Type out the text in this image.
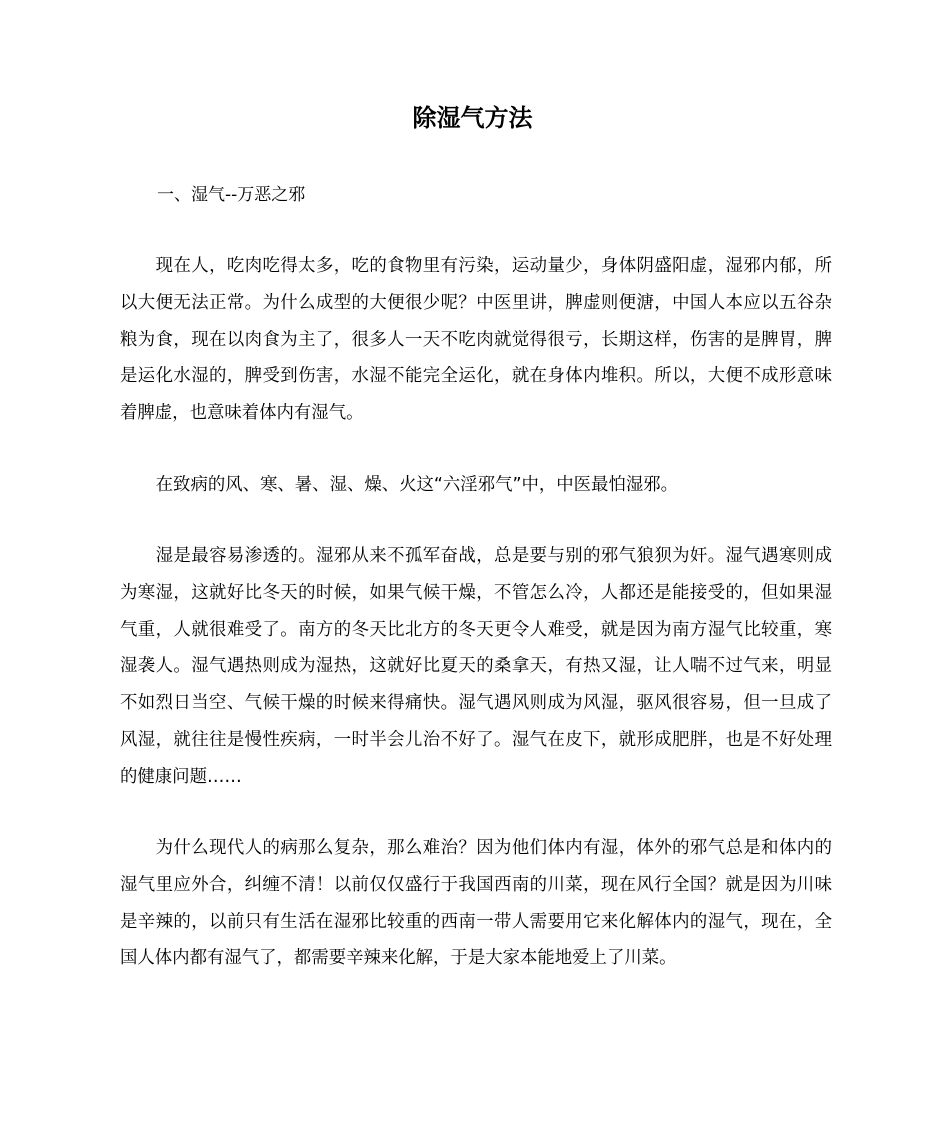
除湿气方法
一、湿气--万恶之邪

现在人，吃肉吃得太多，吃的食物里有污染，运动量少，身体阴盛阳虚，湿邪内郁，所以大便无法正常。为什么成型的大便很少呢？中医里讲，脾虚则便溏，中国人本应以五谷杂粮为食，现在以肉食为主了，很多人一天不吃肉就觉得很亏，长期这样，伤害的是脾胃，脾是运化水湿的，脾受到伤害，水湿不能完全运化，就在身体内堆积。所以，大便不成形意味着脾虚，也意味着体内有湿气。

在致病的风、寒、暑、湿、燥、火这“六淫邪气”中，中医最怕湿邪。

湿是最容易渗透的。湿邪从来不孤军奋战，总是要与别的邪气狼狈为奸。湿气遇寒则成为寒湿，这就好比冬天的时候，如果气候干燥，不管怎么冷，人都还是能接受的，但如果湿气重，人就很难受了。南方的冬天比北方的冬天更令人难受，就是因为南方湿气比较重，寒湿袭人。湿气遇热则成为湿热，这就好比夏天的桑拿天，有热又湿，让人喘不过气来，明显不如烈日当空、气候干燥的时候来得痛快。湿气遇风则成为风湿，驱风很容易，但一旦成了风湿，就往往是慢性疾病，一时半会儿治不好了。湿气在皮下，就形成肥胖，也是不好处理的健康问题……

为什么现代人的病那么复杂，那么难治？因为他们体内有湿，体外的邪气总是和体内的湿气里应外合，纠缠不清！以前仅仅盛行于我国西南的川菜，现在风行全国？就是因为川味是辛辣的，以前只有生活在湿邪比较重的西南一带人需要用它来化解体内的湿气，现在，全国人体内都有湿气了，都需要辛辣来化解，于是大家本能地爱上了川菜。
